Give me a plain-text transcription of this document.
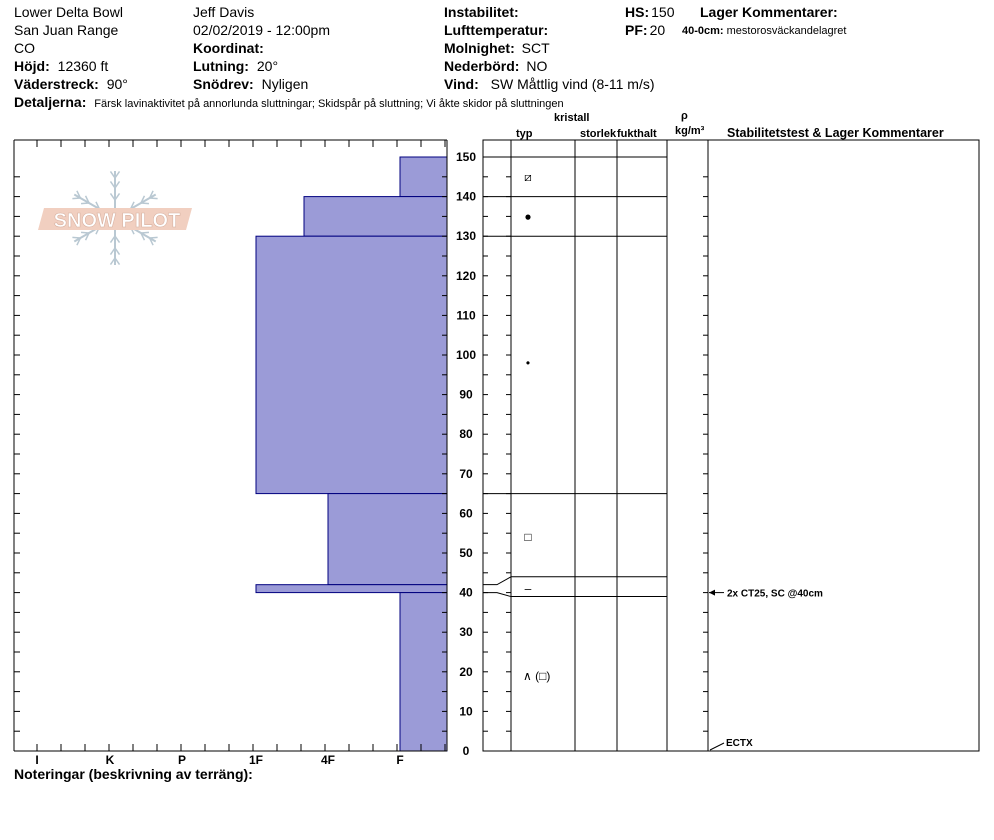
Lower Delta Bowl
San Juan Range
CO
Höjd: 12360 ft
Väderstreck: 90°
Detaljerna: Färsk lavinaktivitet på annorlunda sluttningar; Skidspår på sluttning; Vi åkte skidor på sluttningen
Jeff Davis
02/02/2019 - 12:00pm
Koordinat:
Lutning: 20°
Snödrev: Nyligen
Instabilitet:
Lufttemperatur:
Molnighet: SCT
Nederbörd: NO
Vind: SW Måttlig vind (8-11 m/s)
HS: 150
PF: 20
Lager Kommentarer:
40-0cm: mestorosväckandelagret
kristall
typ	storlek fukthalt
ρ
kg/m³ Stabilitetstest & Lager Kommentarer
Noteringar (beskrivning av terräng):
I	K	P	1F	4F	F
0
10
20
30
40
50
60
70
80
90
100
110
120
130
140
150
SNOW PILOT
⧄
●
•
□
–
∧ (□)
2x CT25, SC @40cm
ECTX
